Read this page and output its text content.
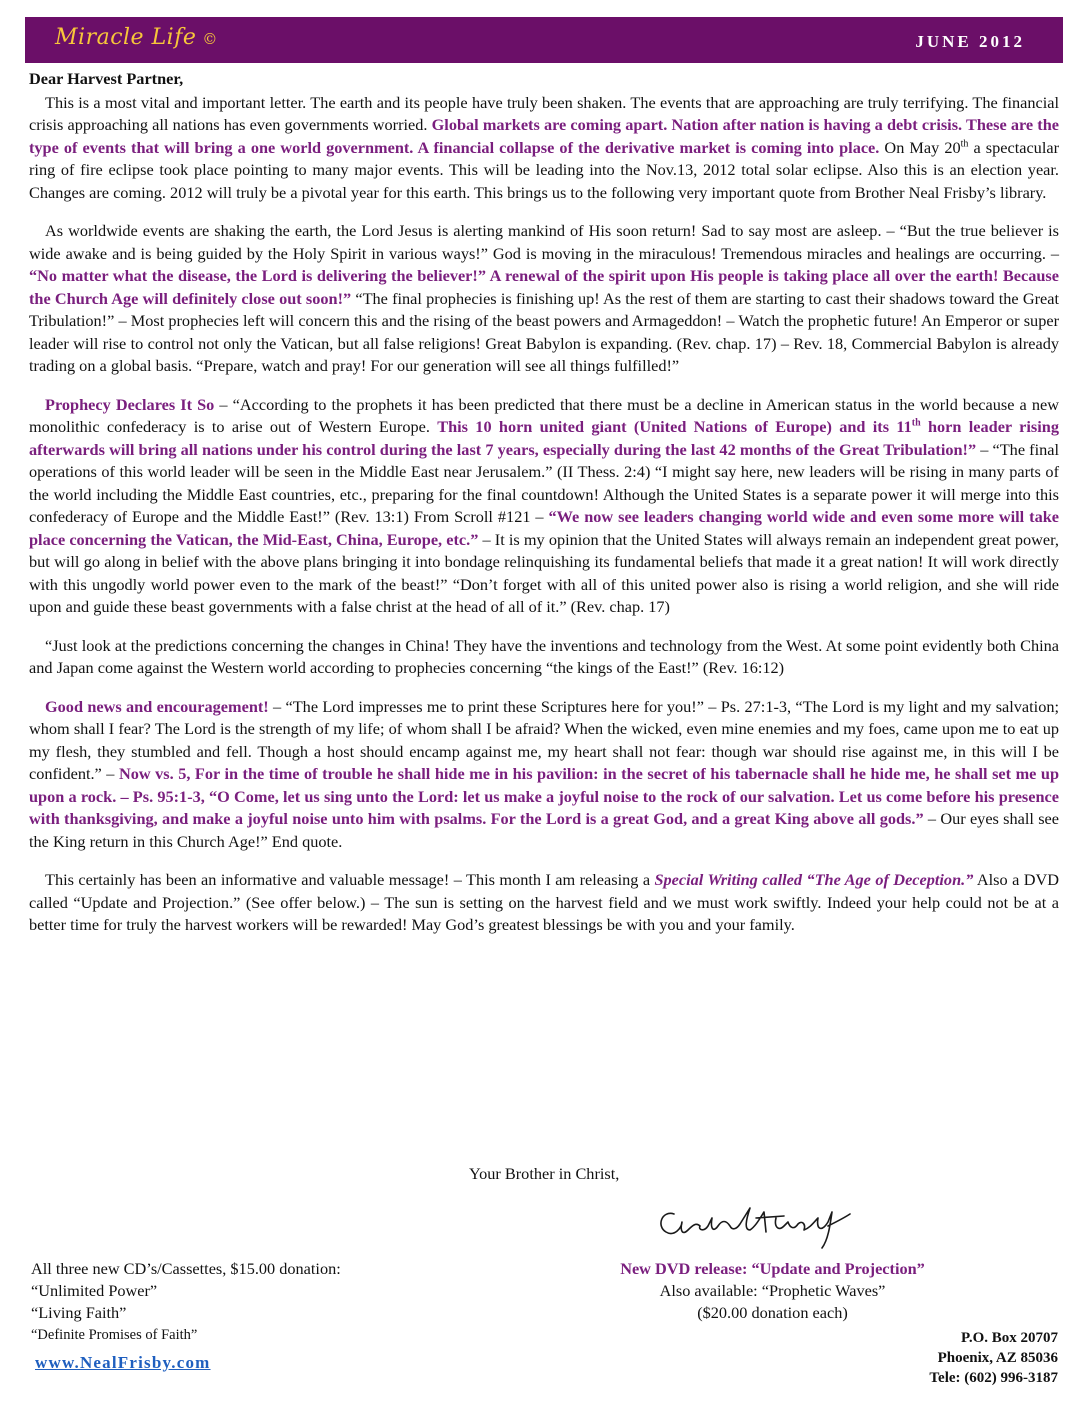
Miracle Life ©	JUNE 2012
Dear Harvest Partner,

This is a most vital and important letter. The earth and its people have truly been shaken. The events that are approaching are truly terrifying. The financial crisis approaching all nations has even governments worried. Global markets are coming apart. Nation after nation is having a debt crisis. These are the type of events that will bring a one world government. A financial collapse of the derivative market is coming into place. On May 20th a spectacular ring of fire eclipse took place pointing to many major events. This will be leading into the Nov.13, 2012 total solar eclipse. Also this is an election year. Changes are coming. 2012 will truly be a pivotal year for this earth. This brings us to the following very important quote from Brother Neal Frisby’s library.

As worldwide events are shaking the earth, the Lord Jesus is alerting mankind of His soon return! Sad to say most are asleep. – “But the true believer is wide awake and is being guided by the Holy Spirit in various ways!” God is moving in the miraculous! Tremendous miracles and healings are occurring. – “No matter what the disease, the Lord is delivering the believer!” A renewal of the spirit upon His people is taking place all over the earth! Because the Church Age will definitely close out soon!” “The final prophecies is finishing up! As the rest of them are starting to cast their shadows toward the Great Tribulation!” – Most prophecies left will concern this and the rising of the beast powers and Armageddon! – Watch the prophetic future! An Emperor or super leader will rise to control not only the Vatican, but all false religions! Great Babylon is expanding. (Rev. chap. 17) – Rev. 18, Commercial Babylon is already trading on a global basis. “Prepare, watch and pray! For our generation will see all things fulfilled!”

Prophecy Declares It So – “According to the prophets it has been predicted that there must be a decline in American status in the world because a new monolithic confederacy is to arise out of Western Europe. This 10 horn united giant (United Nations of Europe) and its 11th horn leader rising afterwards will bring all nations under his control during the last 7 years, especially during the last 42 months of the Great Tribulation!” – “The final operations of this world leader will be seen in the Middle East near Jerusalem.” (II Thess. 2:4) “I might say here, new leaders will be rising in many parts of the world including the Middle East countries, etc., preparing for the final countdown! Although the United States is a separate power it will merge into this confederacy of Europe and the Middle East!” (Rev. 13:1) From Scroll #121 – “We now see leaders changing world wide and even some more will take place concerning the Vatican, the Mid-East, China, Europe, etc.” – It is my opinion that the United States will always remain an independent great power, but will go along in belief with the above plans bringing it into bondage relinquishing its fundamental beliefs that made it a great nation! It will work directly with this ungodly world power even to the mark of the beast!” “Don’t forget with all of this united power also is rising a world religion, and she will ride upon and guide these beast governments with a false christ at the head of all of it.” (Rev. chap. 17)

“Just look at the predictions concerning the changes in China! They have the inventions and technology from the West. At some point evidently both China and Japan come against the Western world according to prophecies concerning “the kings of the East!” (Rev. 16:12)

Good news and encouragement! – “The Lord impresses me to print these Scriptures here for you!” – Ps. 27:1-3, “The Lord is my light and my salvation; whom shall I fear? The Lord is the strength of my life; of whom shall I be afraid? When the wicked, even mine enemies and my foes, came upon me to eat up my flesh, they stumbled and fell. Though a host should encamp against me, my heart shall not fear: though war should rise against me, in this will I be confident.” – Now vs. 5, For in the time of trouble he shall hide me in his pavilion: in the secret of his tabernacle shall he hide me, he shall set me up upon a rock. – Ps. 95:1-3, “O Come, let us sing unto the Lord: let us make a joyful noise to the rock of our salvation. Let us come before his presence with thanksgiving, and make a joyful noise unto him with psalms. For the Lord is a great God, and a great King above all gods.” – Our eyes shall see the King return in this Church Age!” End quote.

This certainly has been an informative and valuable message! – This month I am releasing a Special Writing called “The Age of Deception.” Also a DVD called “Update and Projection.” (See offer below.) – The sun is setting on the harvest field and we must work swiftly. Indeed your help could not be at a better time for truly the harvest workers will be rewarded! May God’s greatest blessings be with you and your family.

Your Brother in Christ,
All three new CD’s/Cassettes, $15.00 donation:
“Unlimited Power”
“Living Faith”
“Definite Promises of Faith”
New DVD release: “Update and Projection”
Also available: “Prophetic Waves”
($20.00 donation each)
www.NealFrisby.com
P.O. Box 20707
Phoenix, AZ 85036
Tele: (602) 996-3187
